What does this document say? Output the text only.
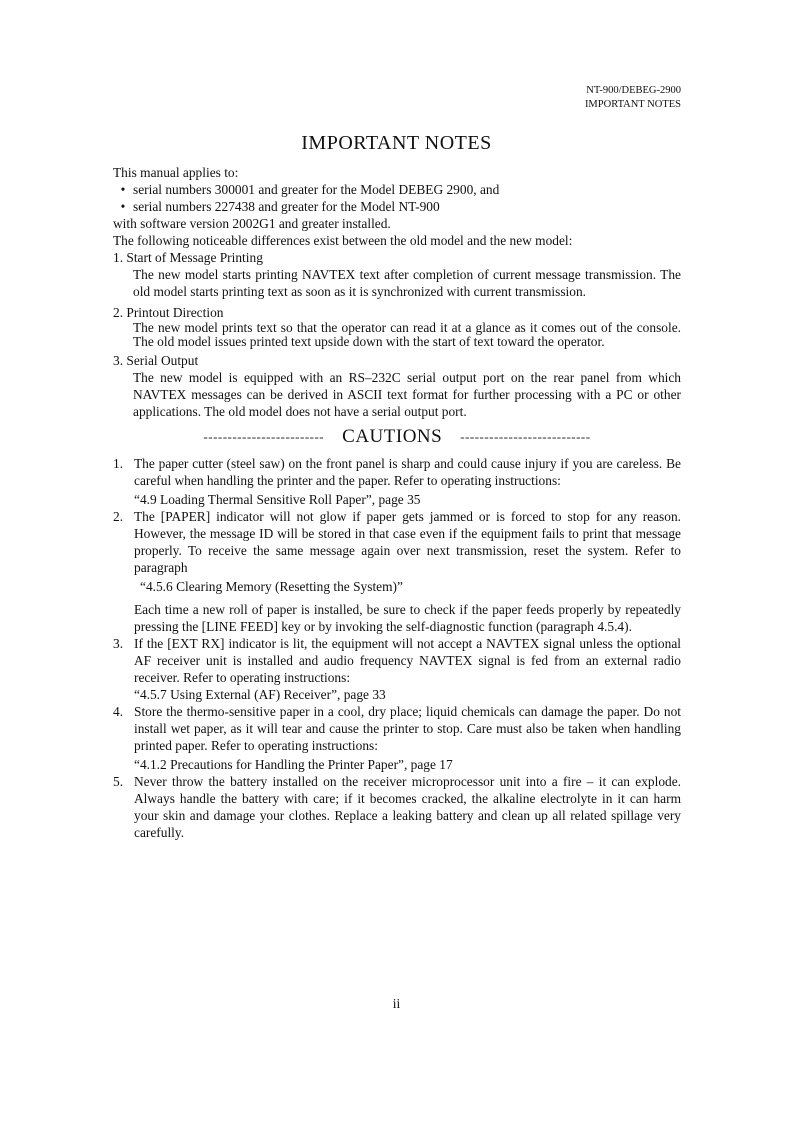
NT-900/DEBEG-2900
IMPORTANT NOTES
IMPORTANT NOTES

This manual applies to:

• serial numbers 300001 and greater for the Model DEBEG 2900, and
• serial numbers 227438 and greater for the Model NT-900

with software version 2002G1 and greater installed.

The following noticeable differences exist between the old model and the new model:

1. Start of Message Printing

The new model starts printing NAVTEX text after completion of current message transmission. The old model starts printing text as soon as it is synchronized with current transmission.

2. Printout Direction

The new model prints text so that the operator can read it at a glance as it comes out of the console. The old model issues printed text upside down with the start of text toward the operator.

3. Serial Output

The new model is equipped with an RS–232C serial output port on the rear panel from which NAVTEX messages can be derived in ASCII text format for further processing with a PC or other applications. The old model does not have a serial output port.

------------------------- CAUTIONS ---------------------------
1. The paper cutter (steel saw) on the front panel is sharp and could cause injury if you are careless. Be careful when handling the printer and the paper. Refer to operating instructions:

“4.9 Loading Thermal Sensitive Roll Paper”, page 35

2. The [PAPER] indicator will not glow if paper gets jammed or is forced to stop for any reason. However, the message ID will be stored in that case even if the equipment fails to print that message properly. To receive the same message again over next transmission, reset the system. Refer to paragraph

“4.5.6 Clearing Memory (Resetting the System)”

Each time a new roll of paper is installed, be sure to check if the paper feeds properly by repeatedly pressing the [LINE FEED] key or by invoking the self-diagnostic function (paragraph 4.5.4).

3. If the [EXT RX] indicator is lit, the equipment will not accept a NAVTEX signal unless the optional AF receiver unit is installed and audio frequency NAVTEX signal is fed from an external radio receiver. Refer to operating instructions:

“4.5.7 Using External (AF) Receiver”, page 33

4. Store the thermo-sensitive paper in a cool, dry place; liquid chemicals can damage the paper. Do not install wet paper, as it will tear and cause the printer to stop. Care must also be taken when handling printed paper. Refer to operating instructions:

“4.1.2 Precautions for Handling the Printer Paper”, page 17

5. Never throw the battery installed on the receiver microprocessor unit into a fire – it can explode. Always handle the battery with care; if it becomes cracked, the alkaline electrolyte in it can harm your skin and damage your clothes. Replace a leaking battery and clean up all related spillage very carefully.

ii
